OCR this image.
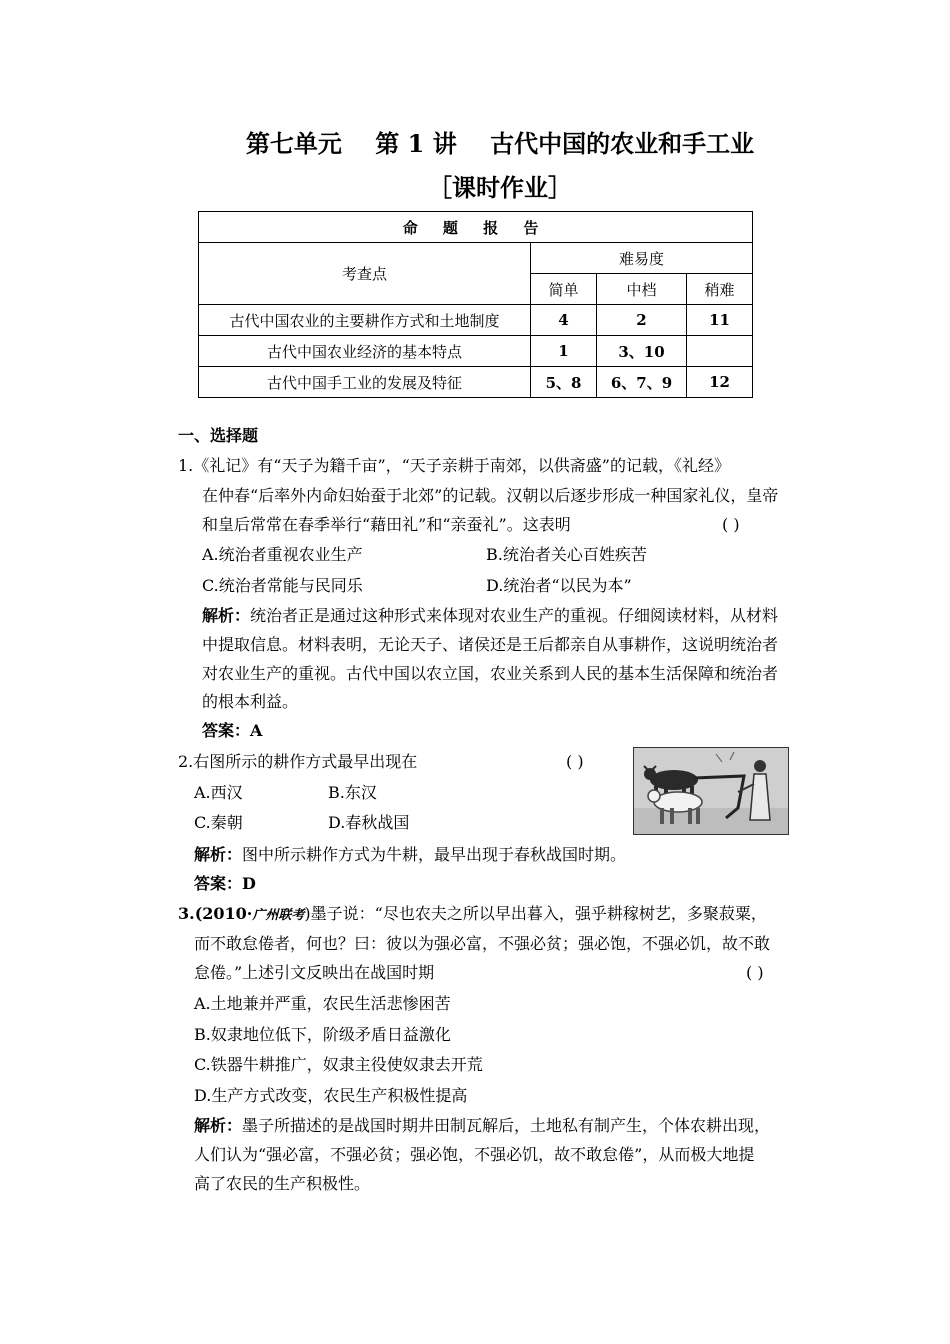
第七单元    第 1 讲    古代中国的农业和手工业
［课时作业］
命 题 报 告			
考查点	难易度		
	简单	中档	稍难
古代中国农业的主要耕作方式和土地制度	4	2	11
古代中国农业经济的基本特点	1	3、10	
古代中国手工业的发展及特征	5、8	6、7、9	12
一、选择题
1.《礼记》有“天子为籍千亩”，“天子亲耕于南郊，以供斋盛”的记载，《礼经》
在仲春“后率外内命妇始蚕于北郊”的记载。汉朝以后逐步形成一种国家礼仪，皇帝
和皇后常常在春季举行“藉田礼”和“亲蚕礼”。这表明	( )
A.统治者重视农业生产	B.统治者关心百姓疾苦
C.统治者常能与民同乐	D.统治者“以民为本”
解析：统治者正是通过这种形式来体现对农业生产的重视。仔细阅读材料，从材料
中提取信息。材料表明，无论天子、诸侯还是王后都亲自从事耕作，这说明统治者
对农业生产的重视。古代中国以农立国，农业关系到人民的基本生活保障和统治者
的根本利益。
答案：A
2.右图所示的耕作方式最早出现在	( )
A.西汉	B.东汉
C.秦朝	D.春秋战国
解析：图中所示耕作方式为牛耕，最早出现于春秋战国时期。
答案：D
3.(2010·广州联考)墨子说：“尽也农夫之所以早出暮入，强乎耕稼树艺，多聚菽粟，
而不敢怠倦者，何也？曰：彼以为强必富，不强必贫；强必饱，不强必饥，故不敢
怠倦。”上述引文反映出在战国时期	( )
A.土地兼并严重，农民生活悲惨困苦
B.奴隶地位低下，阶级矛盾日益激化
C.铁器牛耕推广，奴隶主役使奴隶去开荒
D.生产方式改变，农民生产积极性提高
解析：墨子所描述的是战国时期井田制瓦解后，土地私有制产生，个体农耕出现，
人们认为“强必富，不强必贫；强必饱，不强必饥，故不敢怠倦”，从而极大地提
高了农民的生产积极性。
